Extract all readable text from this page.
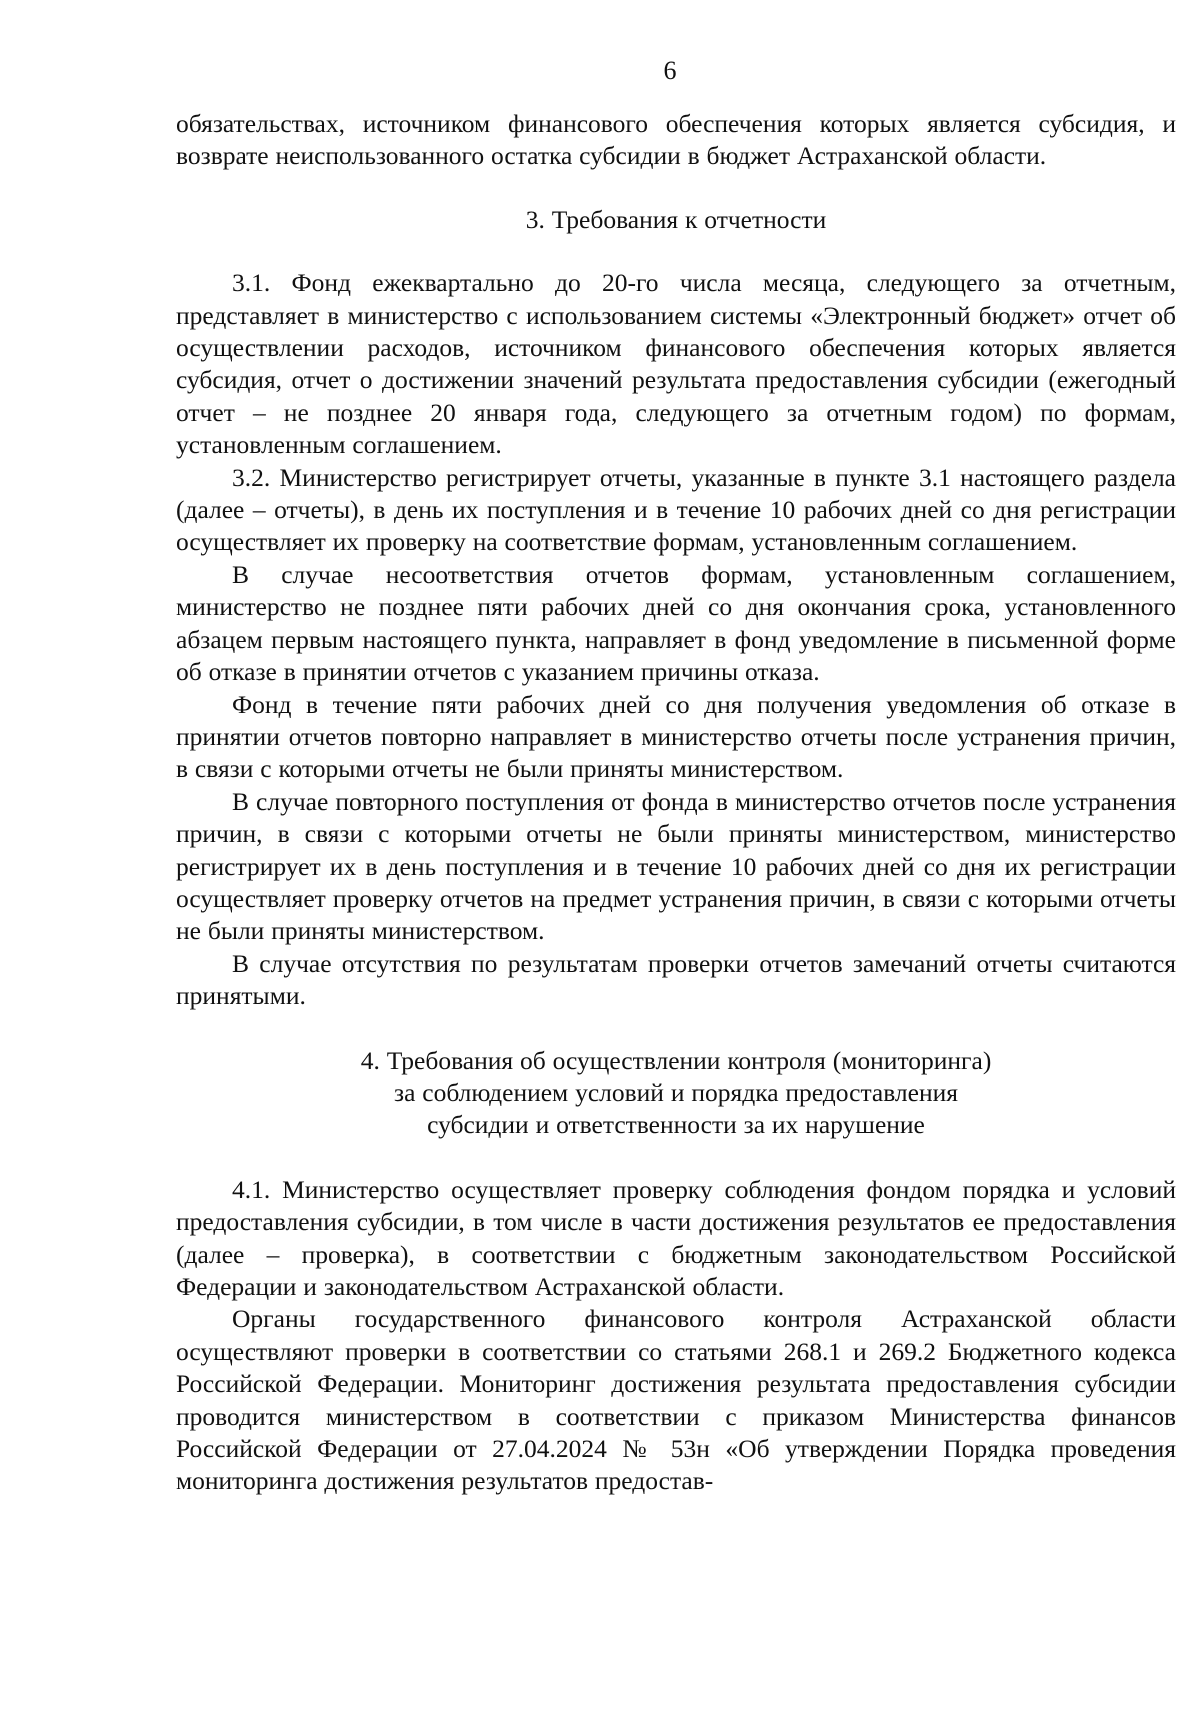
6

обязательствах, источником финансового обеспечения которых является субсидия, и возврате неиспользованного остатка субсидии в бюджет Астраханской области.

3. Требования к отчетности

3.1. Фонд ежеквартально до 20-го числа месяца, следующего за отчетным, представляет в министерство с использованием системы «Электронный бюджет» отчет об осуществлении расходов, источником финансового обеспечения которых является субсидия, отчет о достижении значений результата предоставления субсидии (ежегодный отчет – не позднее 20 января года, следующего за отчетным годом) по формам, установленным соглашением.

3.2. Министерство регистрирует отчеты, указанные в пункте 3.1 настоящего раздела (далее – отчеты), в день их поступления и в течение 10 рабочих дней со дня регистрации осуществляет их проверку на соответствие формам, установленным соглашением.

В случае несоответствия отчетов формам, установленным соглашением, министерство не позднее пяти рабочих дней со дня окончания срока, установленного абзацем первым настоящего пункта, направляет в фонд уведомление в письменной форме об отказе в принятии отчетов с указанием причины отказа.

Фонд в течение пяти рабочих дней со дня получения уведомления об отказе в принятии отчетов повторно направляет в министерство отчеты после устранения причин, в связи с которыми отчеты не были приняты министерством.

В случае повторного поступления от фонда в министерство отчетов после устранения причин, в связи с которыми отчеты не были приняты министерством, министерство регистрирует их в день поступления и в течение 10 рабочих дней со дня их регистрации осуществляет проверку отчетов на предмет устранения причин, в связи с которыми отчеты не были приняты министерством.

В случае отсутствия по результатам проверки отчетов замечаний отчеты считаются принятыми.

4. Требования об осуществлении контроля (мониторинга)
за соблюдением условий и порядка предоставления
субсидии и ответственности за их нарушение

4.1. Министерство осуществляет проверку соблюдения фондом порядка и условий предоставления субсидии, в том числе в части достижения результатов ее предоставления (далее – проверка), в соответствии с бюджетным законодательством Российской Федерации и законодательством Астраханской области.

Органы государственного финансового контроля Астраханской области осуществляют проверки в соответствии со статьями 268.1 и 269.2 Бюджетного кодекса Российской Федерации. Мониторинг достижения результата предоставления субсидии проводится министерством в соответствии с приказом Министерства финансов Российской Федерации от 27.04.2024 № 53н «Об утверждении Порядка проведения мониторинга достижения результатов предостав-
